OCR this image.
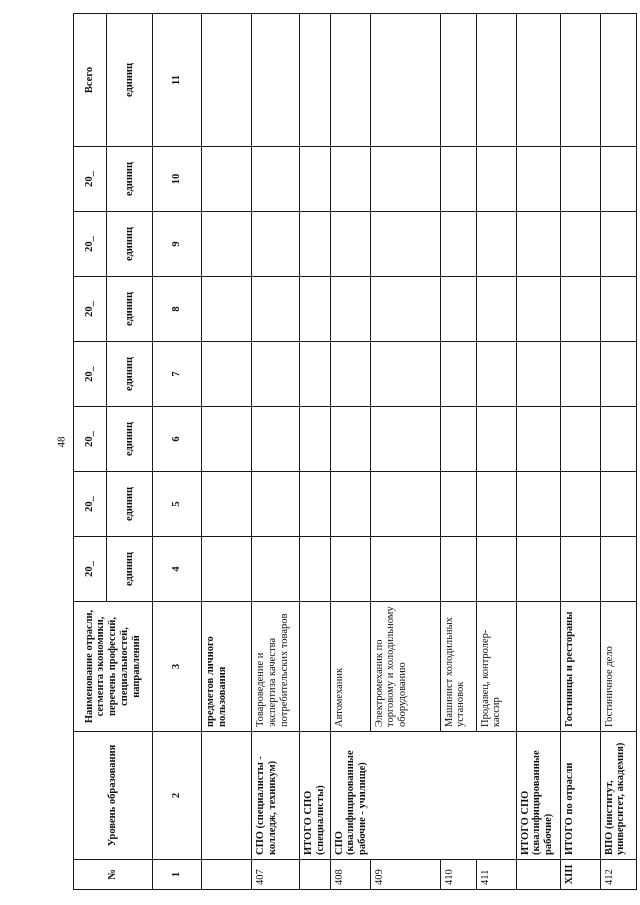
48
№	Уровень образования	Наименование отрасли, сегмента экономики, перечень профессий, специальностей, направлений	20_	20_	20_	20_	20_	20_	20_	Всего
			единиц	единиц	единиц	единиц	единиц	единиц	единиц	единиц
1	2	3	4	5	6	7	8	9	10	11
		предметов личного пользования								
407	СПО (специалисты - колледж, техникум)	Товароведение и экспертиза качества потребительских товаров								
	ИТОГО СПО (специалисты)									
408	СПО (квалифицированные рабочие - училище)	Автомеханик								
409		Электромеханик по торговому и холодильному оборудованию								
410		Машинист холодильных установок								
411		Продавец, контролер-кассир								
	ИТОГО СПО (квалифицированные рабочие)									
XIII	ИТОГО по отрасли	Гостиницы и рестораны								
412	ВПО (институт, университет, академия)	Гостиничное дело								
